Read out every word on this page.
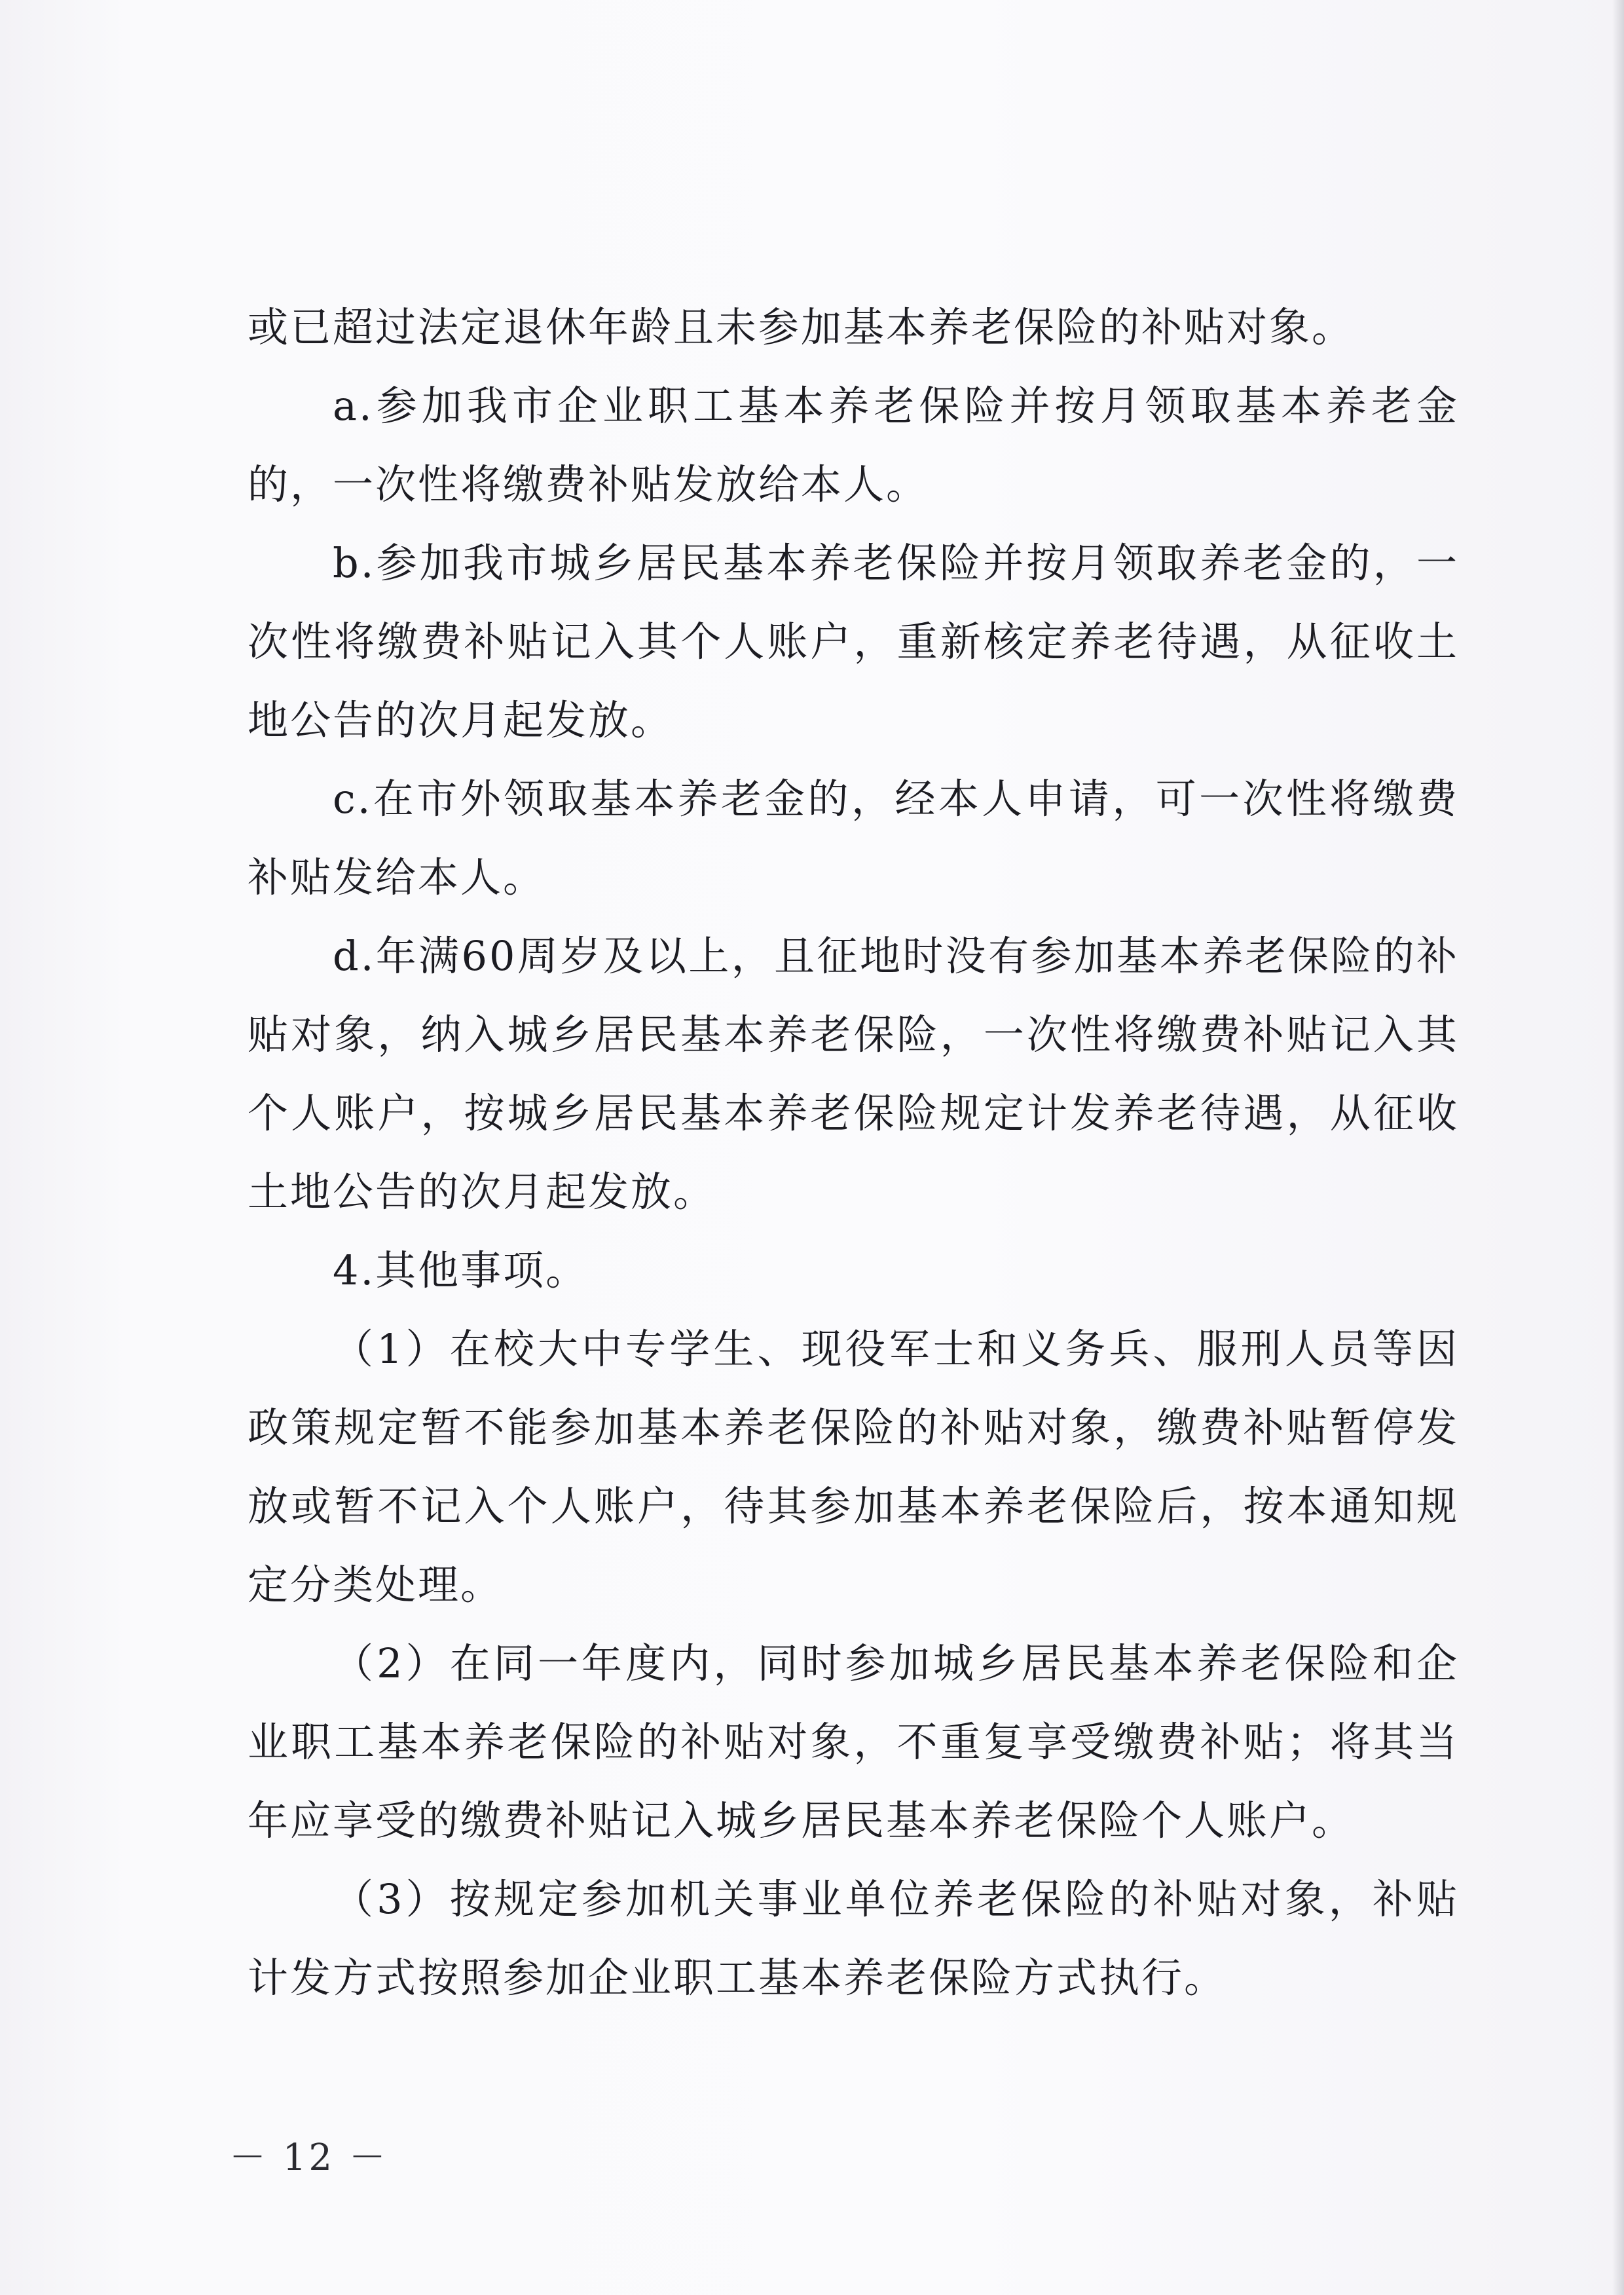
或已超过法定退休年龄且未参加基本养老保险的补贴对象。

a.参加我市企业职工基本养老保险并按月领取基本养老金的，一次性将缴费补贴发放给本人。

b.参加我市城乡居民基本养老保险并按月领取养老金的，一次性将缴费补贴记入其个人账户，重新核定养老待遇，从征收土地公告的次月起发放。

c.在市外领取基本养老金的，经本人申请，可一次性将缴费补贴发给本人。

d.年满60周岁及以上，且征地时没有参加基本养老保险的补贴对象，纳入城乡居民基本养老保险，一次性将缴费补贴记入其个人账户，按城乡居民基本养老保险规定计发养老待遇，从征收土地公告的次月起发放。

4.其他事项。

（1）在校大中专学生、现役军士和义务兵、服刑人员等因政策规定暂不能参加基本养老保险的补贴对象，缴费补贴暂停发放或暂不记入个人账户，待其参加基本养老保险后，按本通知规定分类处理。

（2）在同一年度内，同时参加城乡居民基本养老保险和企业职工基本养老保险的补贴对象，不重复享受缴费补贴；将其当年应享受的缴费补贴记入城乡居民基本养老保险个人账户。

（3）按规定参加机关事业单位养老保险的补贴对象，补贴计发方式按照参加企业职工基本养老保险方式执行。

－ 12 －
